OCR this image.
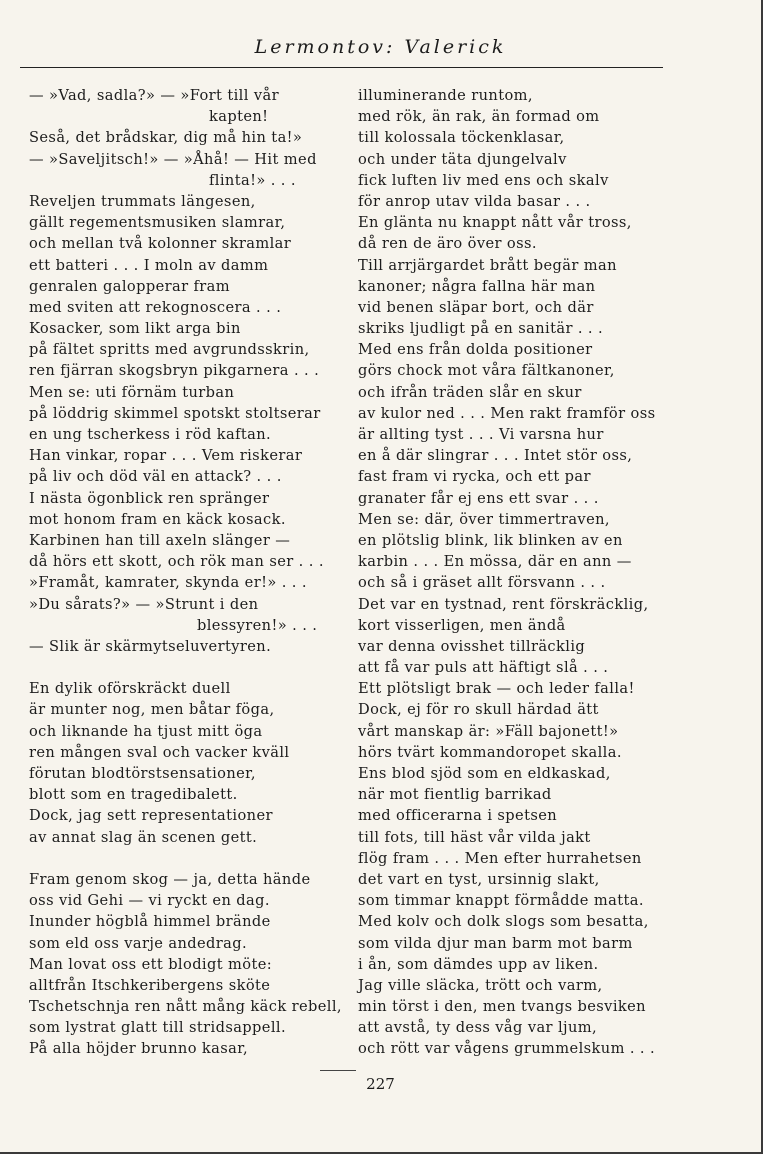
Lermontov: Valerick
— »Vad, sadla?» — »Fort till vår
kapten!
Seså, det brådskar, dig må hin ta!»
— »Saveljitsch!» — »Åhå! — Hit med
flinta!» . . .
Reveljen trummats längesen,
gällt regementsmusiken slamrar,
och mellan två kolonner skramlar
ett batteri . . . I moln av damm
genralen galopperar fram
med sviten att rekognoscera . . .
Kosacker, som likt arga bin
på fältet spritts med avgrundsskrin,
ren fjärran skogsbryn pikgarnera . . .
Men se: uti förnäm turban
på löddrig skimmel spotskt stoltserar
en ung tscherkess i röd kaftan.
Han vinkar, ropar . . . Vem riskerar
på liv och död väl en attack? . . .
I nästa ögonblick ren spränger
mot honom fram en käck kosack.
Karbinen han till axeln slänger —
då hörs ett skott, och rök man ser . . .
»Framåt, kamrater, skynda er!» . . .
»Du sårats?» — »Strunt i den
blessyren!» . . .
— Slik är skärmytseluvertyren.
En dylik oförskräckt duell
är munter nog, men båtar föga,
och liknande ha tjust mitt öga
ren mången sval och vacker kväll
förutan blodtörstsensationer,
blott som en tragedibalett.
Dock, jag sett representationer
av annat slag än scenen gett.
Fram genom skog — ja, detta hände
oss vid Gehi — vi ryckt en dag.
Inunder högblå himmel brände
som eld oss varje andedrag.
Man lovat oss ett blodigt möte:
alltfrån Itschkeribergens sköte
Tschetschnja ren nått mång käck rebell,
som lystrat glatt till stridsappell.
På alla höjder brunno kasar,
illuminerande runtom,
med rök, än rak, än formad om
till kolossala töckenklasar,
och under täta djungelvalv
fick luften liv med ens och skalv
för anrop utav vilda basar . . .
En glänta nu knappt nått vår tross,
då ren de äro över oss.
Till arrjärgardet brått begär man
kanoner; några fallna här man
vid benen släpar bort, och där
skriks ljudligt på en sanitär . . .
Med ens från dolda positioner
görs chock mot våra fältkanoner,
och ifrån träden slår en skur
av kulor ned . . . Men rakt framför oss
är allting tyst . . . Vi varsna hur
en å där slingrar . . . Intet stör oss,
fast fram vi rycka, och ett par
granater får ej ens ett svar . . .
Men se: där, över timmertraven,
en plötslig blink, lik blinken av en
karbin . . . En mössa, där en ann —
och så i gräset allt försvann . . .
Det var en tystnad, rent förskräcklig,
kort visserligen, men ändå
var denna ovisshet tillräcklig
att få var puls att häftigt slå . . .
Ett plötsligt brak — och leder falla!
Dock, ej för ro skull härdad ätt
vårt manskap är: »Fäll bajonett!»
hörs tvärt kommandoropet skalla.
Ens blod sjöd som en eldkaskad,
när mot fientlig barrikad
med officerarna i spetsen
till fots, till häst vår vilda jakt
flög fram . . . Men efter hurrahetsen
det vart en tyst, ursinnig slakt,
som timmar knappt förmådde matta.
Med kolv och dolk slogs som besatta,
som vilda djur man barm mot barm
i ån, som dämdes upp av liken.
Jag ville släcka, trött och varm,
min törst i den, men tvangs besviken
att avstå, ty dess våg var ljum,
och rött var vågens grummelskum . . .
227
